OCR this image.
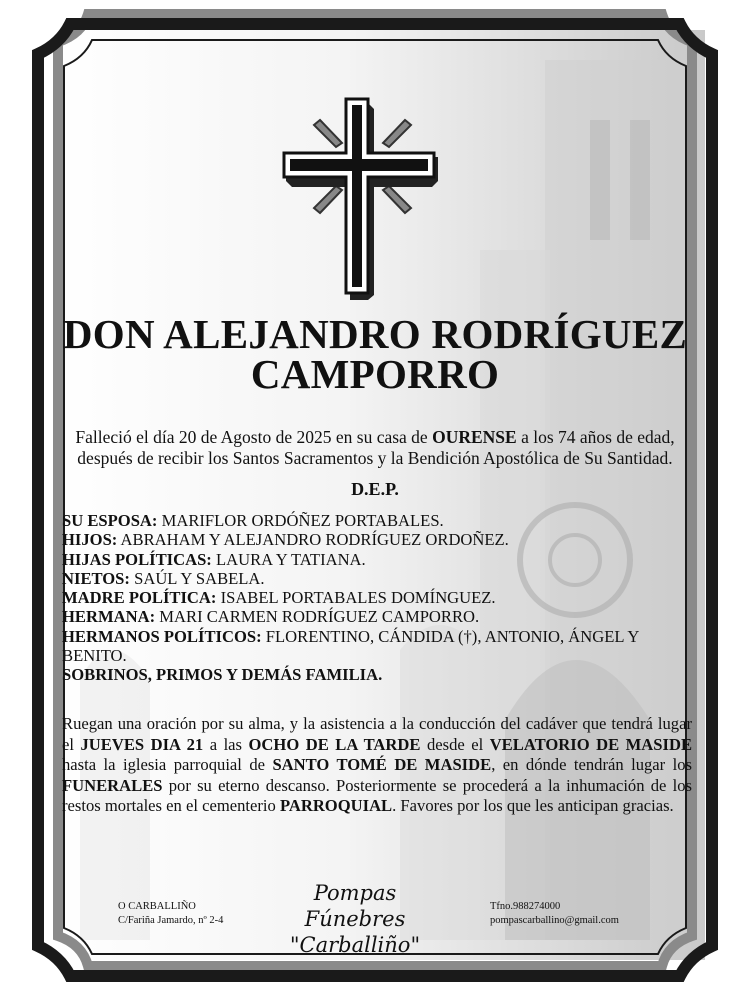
DON ALEJANDRO RODRÍGUEZ
CAMPORRO
Falleció el día 20 de Agosto de 2025 en su casa de OURENSE a los 74 años de edad,
después de recibir los Santos Sacramentos y la Bendición Apostólica de Su Santidad.
D.E.P.
SU ESPOSA: MARIFLOR ORDÓÑEZ PORTABALES.
HIJOS: ABRAHAM Y ALEJANDRO RODRÍGUEZ ORDOÑEZ.
HIJAS POLÍTICAS: LAURA Y TATIANA.
NIETOS: SAÚL Y SABELA.
MADRE POLÍTICA: ISABEL PORTABALES DOMÍNGUEZ.
HERMANA: MARI CARMEN RODRÍGUEZ CAMPORRO.
HERMANOS POLÍTICOS: FLORENTINO, CÁNDIDA (†), ANTONIO, ÁNGEL Y BENITO.
SOBRINOS, PRIMOS Y DEMÁS FAMILIA.
Ruegan una oración por su alma, y la asistencia a la conducción del cadáver que tendrá lugar el JUEVES DIA 21 a las OCHO DE LA TARDE desde el VELATORIO DE MASIDE hasta la iglesia parroquial de SANTO TOMÉ DE MASIDE, en dónde tendrán lugar los FUNERALES por su eterno descanso. Posteriormente se procederá a la inhumación de los restos mortales en el cementerio PARROQUIAL. Favores por los que les anticipan gracias.
O CARBALLIÑO
C/Fariña Jamardo, nº 2-4
Pompas Fúnebres
"Carballiño"
Tfno.988274000
pompascarballino@gmail.com
